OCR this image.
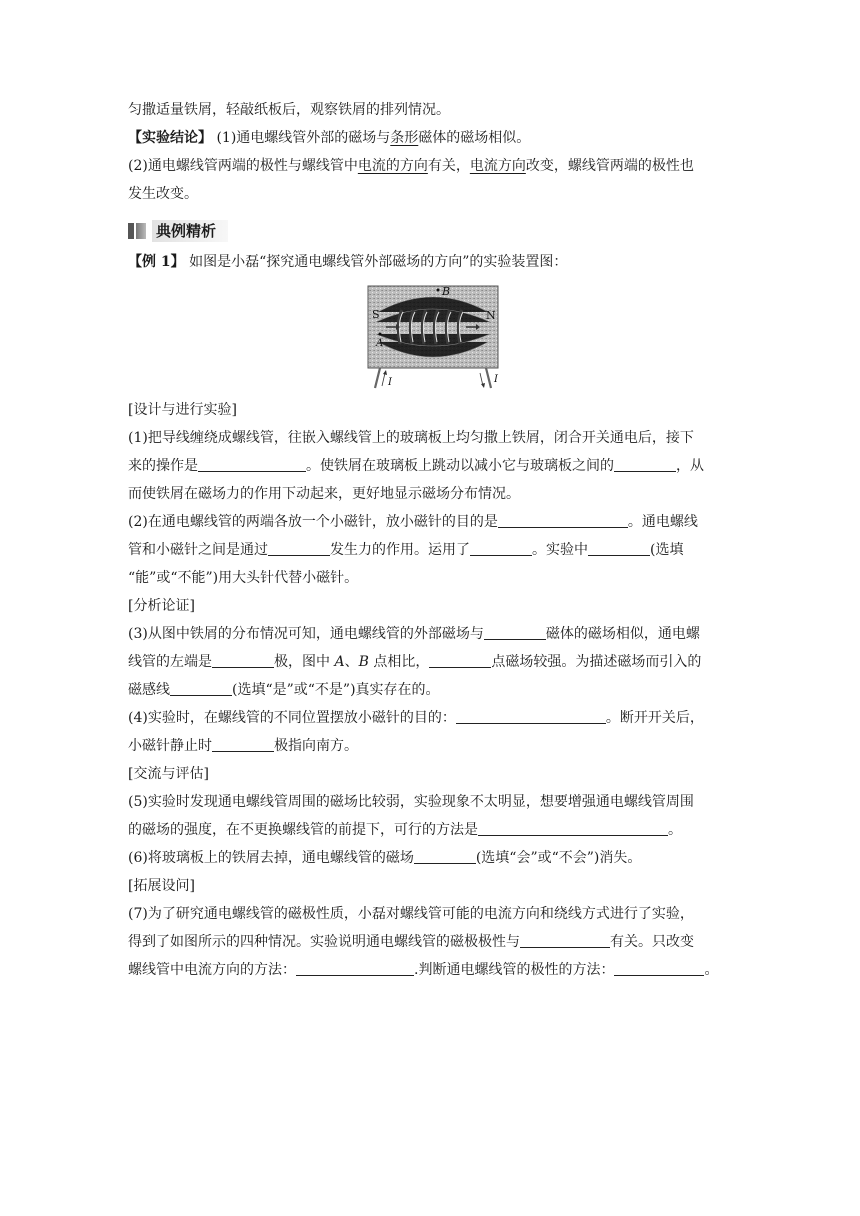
匀撒适量铁屑，轻敲纸板后，观察铁屑的排列情况。

【实验结论】 (1)通电螺线管外部的磁场与条形磁体的磁场相似。

(2)通电螺线管两端的极性与螺线管中电流的方向有关，电流方向改变，螺线管两端的极性也

发生改变。

典例精析

【例 1】 如图是小磊“探究通电螺线管外部磁场的方向”的实验装置图：

S	N
B
A
I	I

[设计与进行实验]

(1)把导线缠绕成螺线管，往嵌入螺线管上的玻璃板上均匀撒上铁屑，闭合开关通电后，接下

来的操作是	。使铁屑在玻璃板上跳动以减小它与玻璃板之间的	，从

而使铁屑在磁场力的作用下动起来，更好地显示磁场分布情况。

(2)在通电螺线管的两端各放一个小磁针，放小磁针的目的是	。通电螺线

管和小磁针之间是通过	发生力的作用。运用了	。实验中	(选填

“能”或“不能”)用大头针代替小磁针。

[分析论证]

(3)从图中铁屑的分布情况可知，通电螺线管的外部磁场与	磁体的磁场相似，通电螺

线管的左端是	极，图中 A、B 点相比，	点磁场较强。为描述磁场而引入的

磁感线	(选填“是”或“不是”)真实存在的。

(4)实验时，在螺线管的不同位置摆放小磁针的目的：	。断开开关后，

小磁针静止时	极指向南方。

[交流与评估]

(5)实验时发现通电螺线管周围的磁场比较弱，实验现象不太明显，想要增强通电螺线管周围

的磁场的强度，在不更换螺线管的前提下，可行的方法是	。

(6)将玻璃板上的铁屑去掉，通电螺线管的磁场	(选填“会”或“不会”)消失。

[拓展设问]

(7)为了研究通电螺线管的磁极性质，小磊对螺线管可能的电流方向和绕线方式进行了实验，

得到了如图所示的四种情况。实验说明通电螺线管的磁极极性与	有关。只改变

螺线管中电流方向的方法：	.判断通电螺线管的极性的方法：	。
